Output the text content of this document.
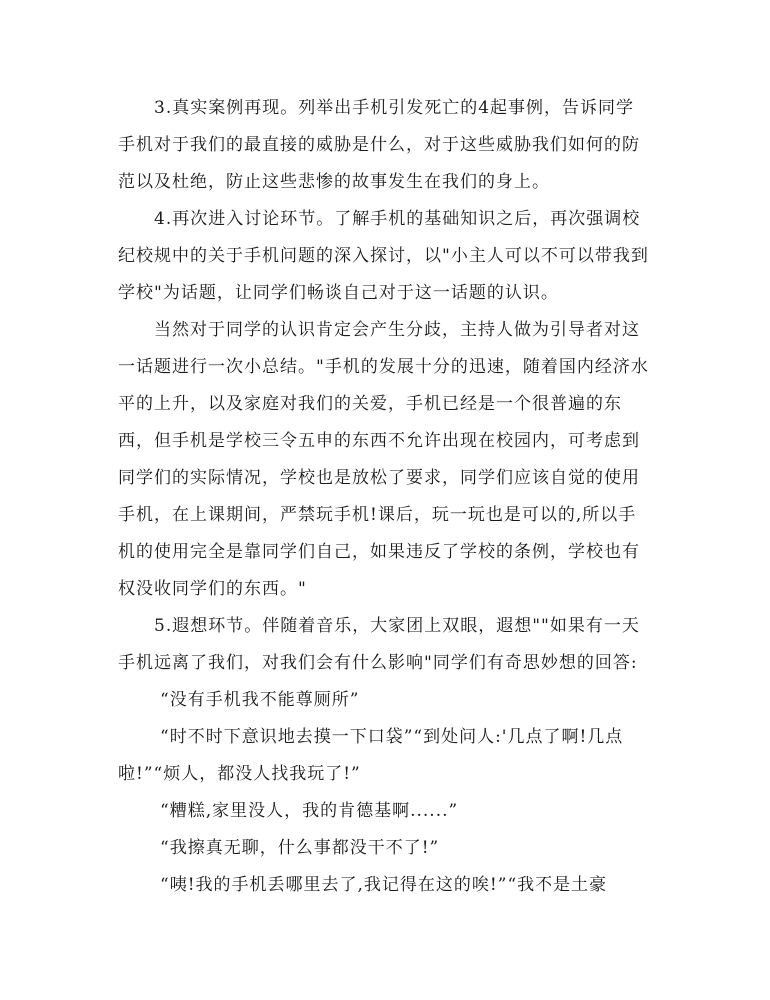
3.真实案例再现。列举出手机引发死亡的4起事例，告诉同学
手机对于我们的最直接的威胁是什么，对于这些威胁我们如何的防
范以及杜绝，防止这些悲惨的故事发生在我们的身上。
4.再次进入讨论环节。了解手机的基础知识之后，再次强调校
纪校规中的关于手机问题的深入探讨，以"小主人可以不可以带我到
学校"为话题，让同学们畅谈自己对于这一话题的认识。
当然对于同学的认识肯定会产生分歧，主持人做为引导者对这
一话题进行一次小总结。"手机的发展十分的迅速，随着国内经济水
平的上升，以及家庭对我们的关爱，手机已经是一个很普遍的东
西，但手机是学校三令五申的东西不允许出现在校园内，可考虑到
同学们的实际情况，学校也是放松了要求，同学们应该自觉的使用
手机，在上课期间，严禁玩手机!课后，玩一玩也是可以的,所以手
机的使用完全是靠同学们自己，如果违反了学校的条例，学校也有
权没收同学们的东西。"
5.遐想环节。伴随着音乐，大家团上双眼，遐想""如果有一天
手机远离了我们，对我们会有什么影响"同学们有奇思妙想的回答:
“没有手机我不能尊厕所”
“时不时下意识地去摸一下口袋”“到处问人:'几点了啊!几点
啦!”“烦人，都没人找我玩了!”
“糟糕,家里没人，我的肯德基啊......”
“我擦真无聊，什么事都没干不了!”
“咦!我的手机丢哪里去了,我记得在这的唉!”“我不是土豪
